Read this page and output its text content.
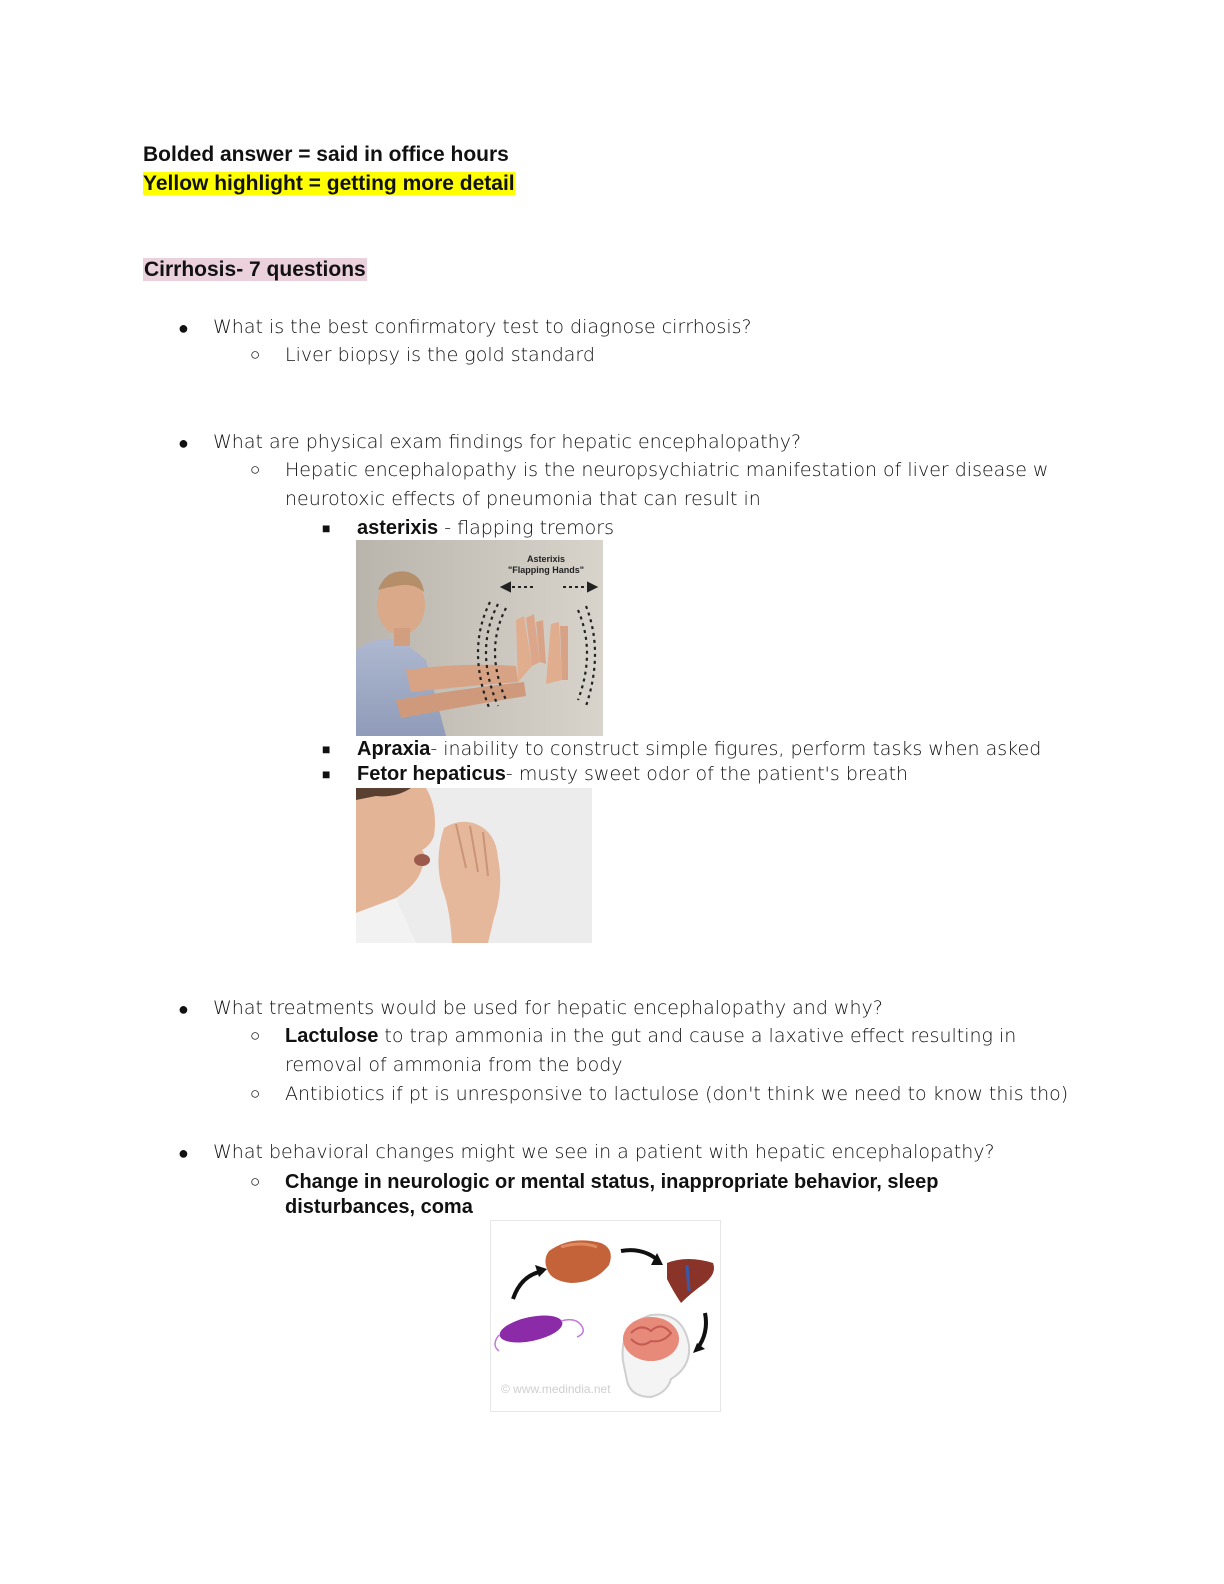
Bolded answer = said in office hours
Yellow highlight = getting more detail
Cirrhosis- 7 questions
● What is the best confirmatory test to diagnose cirrhosis?
○ Liver biopsy is the gold standard
● What are physical exam findings for hepatic encephalopathy?
○ Hepatic encephalopathy is the neuropsychiatric manifestation of liver disease w
neurotoxic effects of pneumonia that can result in
■ asterixis - flapping tremors
Asterixis
"Flapping Hands"
■ Apraxia- inability to construct simple figures, perform tasks when asked
■ Fetor hepaticus- musty sweet odor of the patient's breath
● What treatments would be used for hepatic encephalopathy and why?
○ Lactulose to trap ammonia in the gut and cause a laxative effect resulting in
removal of ammonia from the body
○ Antibiotics if pt is unresponsive to lactulose (don't think we need to know this tho)
● What behavioral changes might we see in a patient with hepatic encephalopathy?
○ Change in neurologic or mental status, inappropriate behavior, sleep
disturbances, coma
© www.medindia.net
